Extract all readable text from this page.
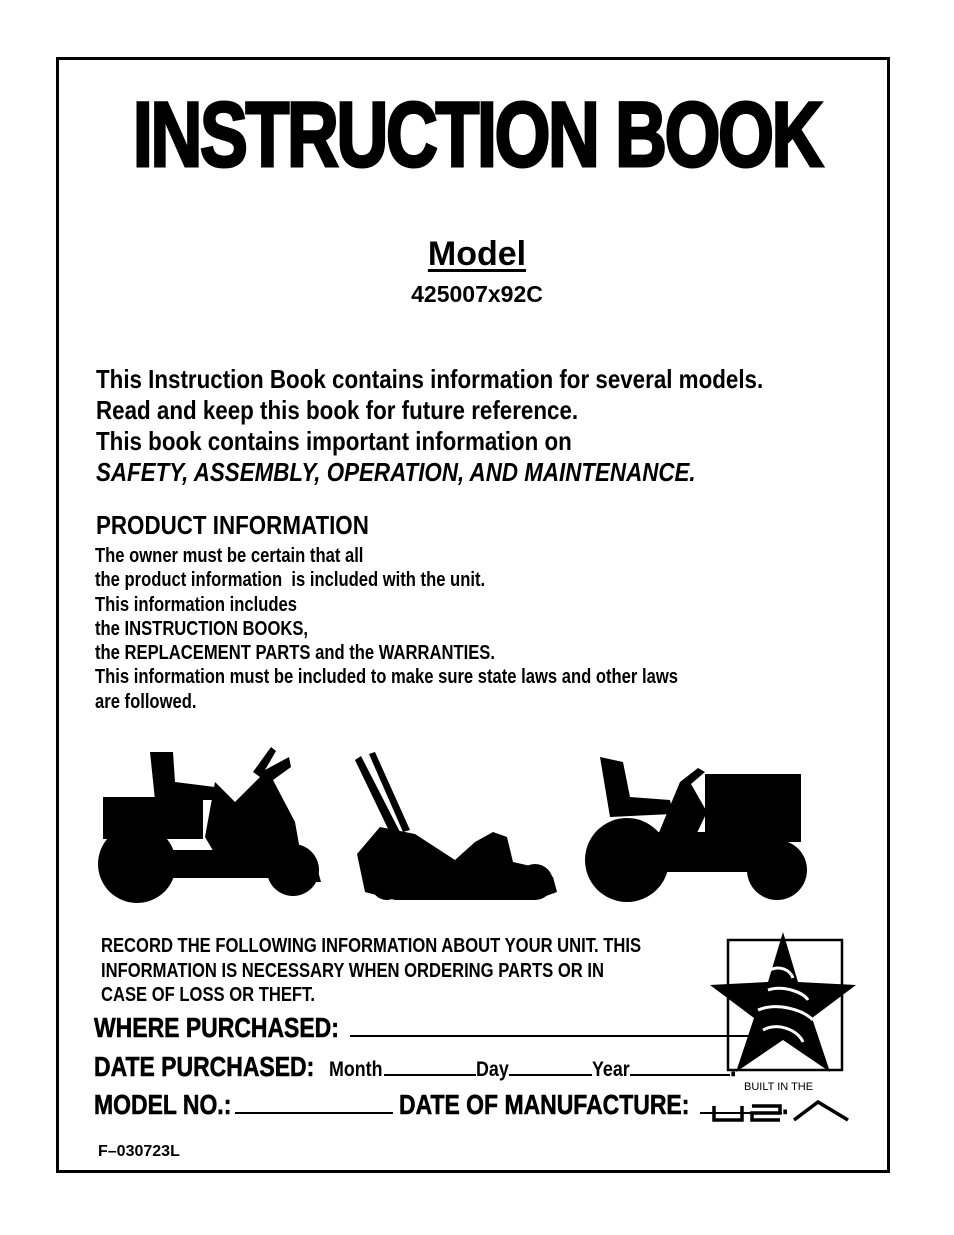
INSTRUCTION BOOK
Model
425007x92C
This Instruction Book contains information for several models.
Read and keep this book for future reference.
This book contains important information on
SAFETY, ASSEMBLY, OPERATION, AND MAINTENANCE.
PRODUCT INFORMATION
The owner must be certain that all
the product information  is included with the unit.
This information includes
the INSTRUCTION BOOKS,
the REPLACEMENT PARTS and the WARRANTIES.
This information must be included to make sure state laws and other laws
are followed.
RECORD THE FOLLOWING INFORMATION ABOUT YOUR UNIT. THIS
INFORMATION IS NECESSARY WHEN ORDERING PARTS OR IN
CASE OF LOSS OR THEFT.
WHERE PURCHASED:
DATE PURCHASED: Month	Day	Year	.
MODEL NO.:	DATE OF MANUFACTURE:	.
BUILT IN THE
F–030723L
